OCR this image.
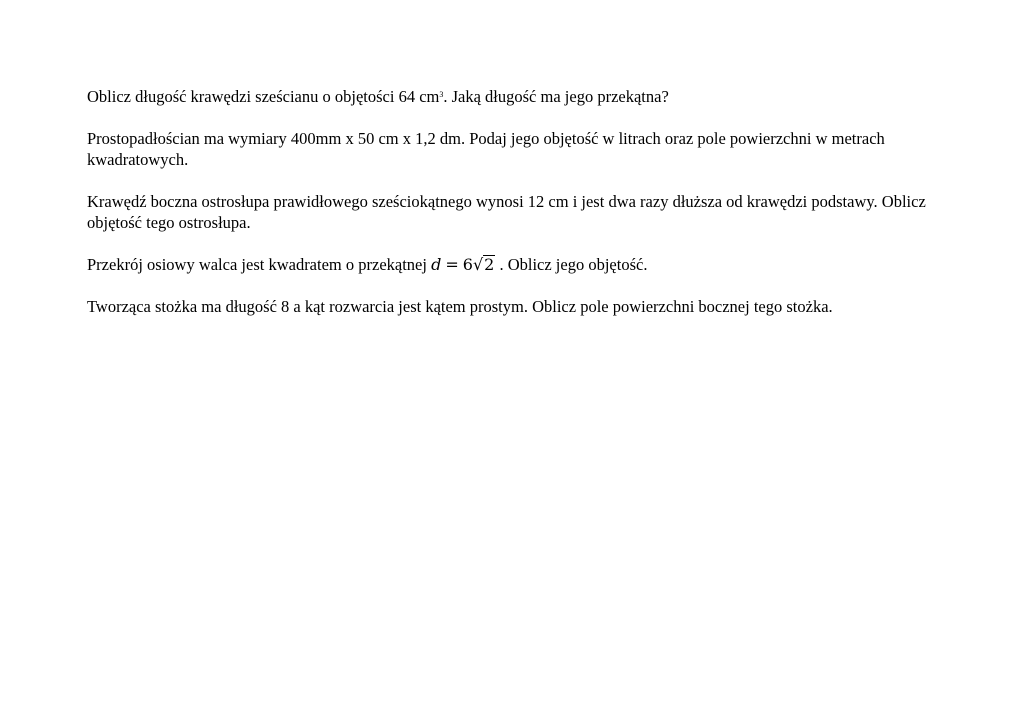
Oblicz długość krawędzi sześcianu o objętości 64 $cm^3$. Jaką długość ma jego przekątna?

Prostopadłościan ma wymiary 400mm x 50 cm x 1,2 dm. Podaj jego objętość w litrach oraz pole powierzchni w metrach kwadratowych.

Krawędź boczna ostrosłupa prawidłowego sześciokątnego wynosi 12 cm i jest dwa razy dłuższa od krawędzi podstawy. Oblicz objętość tego ostrosłupa.

Przekrój osiowy walca jest kwadratem o przekątnej d = 6√2 . Oblicz jego objętość.

Tworząca stożka ma długość 8 a kąt rozwarcia jest kątem prostym. Oblicz pole powierzchni bocznej tego stożka.
